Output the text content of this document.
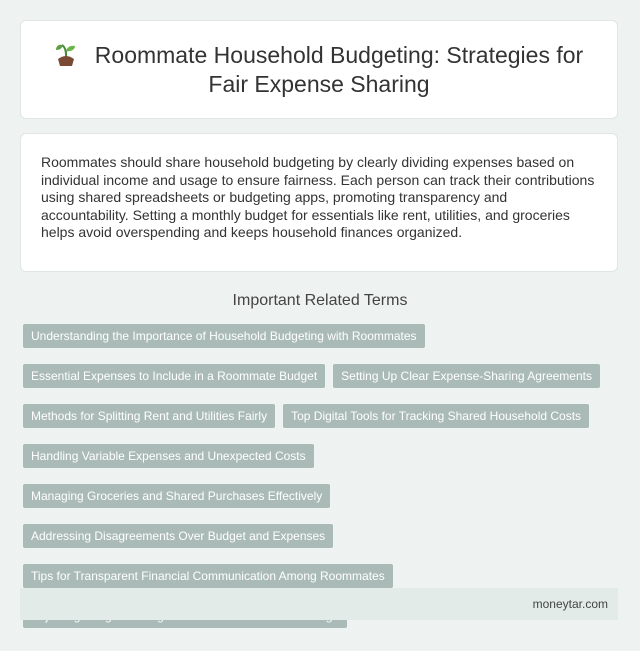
Roommate Household Budgeting: Strategies for Fair Expense Sharing

Roommates should share household budgeting by clearly dividing expenses based on individual income and usage to ensure fairness. Each person can track their contributions using shared spreadsheets or budgeting apps, promoting transparency and accountability. Setting a monthly budget for essentials like rent, utilities, and groceries helps avoid overspending and keeps household finances organized.

Important Related Terms
Understanding the Importance of Household Budgeting with Roommates
Essential Expenses to Include in a Roommate Budget	Setting Up Clear Expense-Sharing Agreements
Methods for Splitting Rent and Utilities Fairly	Top Digital Tools for Tracking Shared Household Costs
Handling Variable Expenses and Unexpected Costs
Managing Groceries and Shared Purchases Effectively
Addressing Disagreements Over Budget and Expenses
Tips for Transparent Financial Communication Among Roommates
moneytar.com
